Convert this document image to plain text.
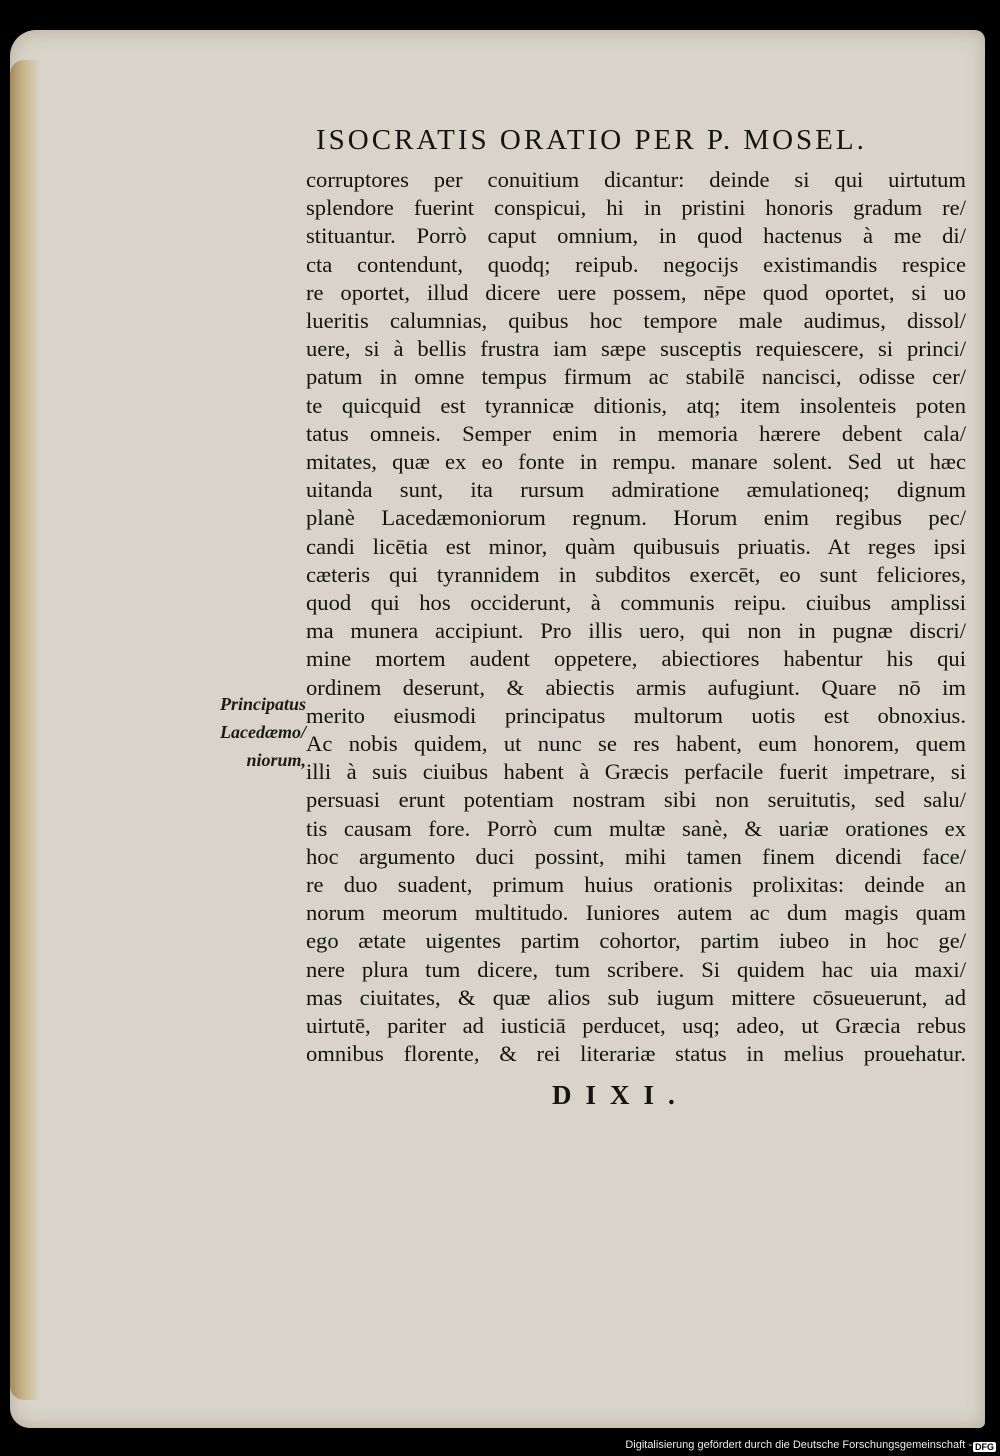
ISOCRATIS ORATIO PER P. MOSEL.
corruptores per conuitium dicantur: deinde si qui uirtutum
splendore fuerint conspicui, hi in pristini honoris gradum re/
stituantur. Porrò caput omnium, in quod hactenus à me di/
cta contendunt, quodq; reipub. negocijs existimandis respice
re oportet, illud dicere uere possem, nēpe quod oportet, si uo
lueritis calumnias, quibus hoc tempore male audimus, dissol/
uere, si à bellis frustra iam sæpe susceptis requiescere, si princi/
patum in omne tempus firmum ac stabilē nancisci, odisse cer/
te quicquid est tyrannicæ ditionis, atq; item insolenteis poten
tatus omneis. Semper enim in memoria hærere debent cala/
mitates, quæ ex eo fonte in rempu. manare solent. Sed ut hæc
uitanda sunt, ita rursum admiratione æmulationeq; dignum
planè Lacedæmoniorum regnum. Horum enim regibus pec/
candi licētia est minor, quàm quibusuis priuatis. At reges ipsi
cæteris qui tyrannidem in subditos exercēt, eo sunt feliciores,
quod qui hos occiderunt, à communis reipu. ciuibus amplissi
ma munera accipiunt. Pro illis uero, qui non in pugnæ discri/
mine mortem audent oppetere, abiectiores habentur his qui
ordinem deserunt, & abiectis armis aufugiunt. Quare nō im
merito eiusmodi principatus multorum uotis est obnoxius.
Ac nobis quidem, ut nunc se res habent, eum honorem, quem
illi à suis ciuibus habent à Græcis perfacile fuerit impetrare, si
persuasi erunt potentiam nostram sibi non seruitutis, sed salu/
tis causam fore. Porrò cum multæ sanè, & uariæ orationes ex
hoc argumento duci possint, mihi tamen finem dicendi face/
re duo suadent, primum huius orationis prolixitas: deinde an
norum meorum multitudo. Iuniores autem ac dum magis quam
ego ætate uigentes partim cohortor, partim iubeo in hoc ge/
nere plura tum dicere, tum scribere. Si quidem hac uia maxi/
mas ciuitates, & quæ alios sub iugum mittere cōsueuerunt, ad
uirtutē, pariter ad iusticiā perducet, usq; adeo, ut Græcia rebus
omnibus florente, & rei literariæ status in melius prouehatur.
Principatus
Lacedæmo/
niorum,
DIXI.
Digitalisierung gefördert durch die Deutsche Forschungsgemeinschaft - DFG
